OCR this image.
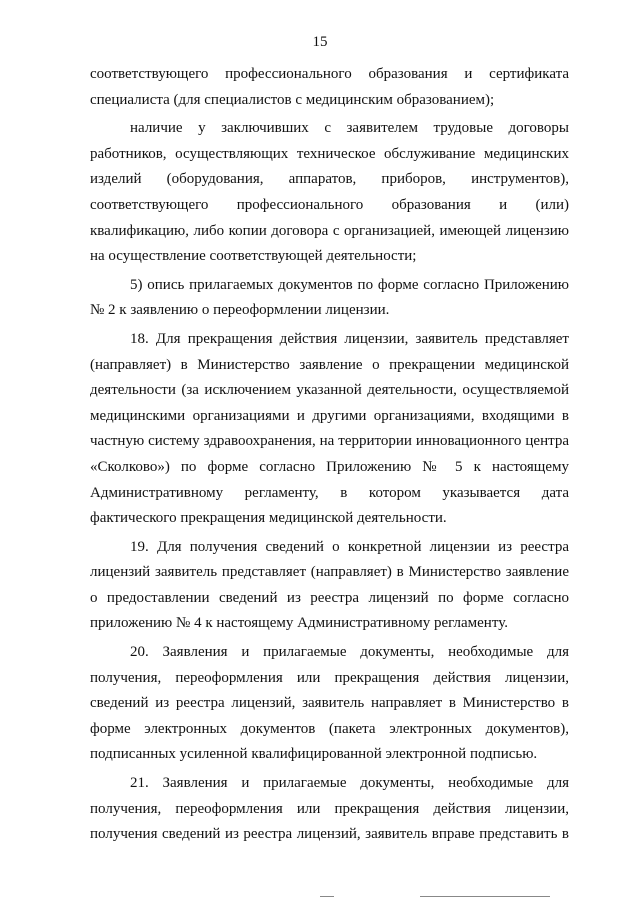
15

соответствующего профессионального образования и сертификата специалиста (для специалистов с медицинским образованием);

наличие у заключивших с заявителем трудовые договоры работников, осуществляющих техническое обслуживание медицинских изделий (оборудования, аппаратов, приборов, инструментов), соответствующего профессионального образования и (или) квалификацию, либо копии договора с организацией, имеющей лицензию на осуществление соответствующей деятельности;

5) опись прилагаемых документов по форме согласно Приложению № 2 к заявлению о переоформлении лицензии.

18. Для прекращения действия лицензии, заявитель представляет (направляет) в Министерство заявление о прекращении медицинской деятельности (за исключением указанной деятельности, осуществляемой медицинскими организациями и другими организациями, входящими в частную систему здравоохранения, на территории инновационного центра «Сколково») по форме согласно Приложению № 5 к настоящему Административному регламенту, в котором указывается дата фактического прекращения медицинской деятельности.

19. Для получения сведений о конкретной лицензии из реестра лицензий заявитель представляет (направляет) в Министерство заявление о предоставлении сведений из реестра лицензий по форме согласно приложению № 4 к настоящему Административному регламенту.

20. Заявления и прилагаемые документы, необходимые для получения, переоформления или прекращения действия лицензии, сведений из реестра лицензий, заявитель направляет в Министерство в форме электронных документов (пакета электронных документов), подписанных усиленной квалифицированной электронной подписью.

21. Заявления и прилагаемые документы, необходимые для получения, переоформления или прекращения действия лицензии, получения сведений из реестра лицензий, заявитель вправе представить в
